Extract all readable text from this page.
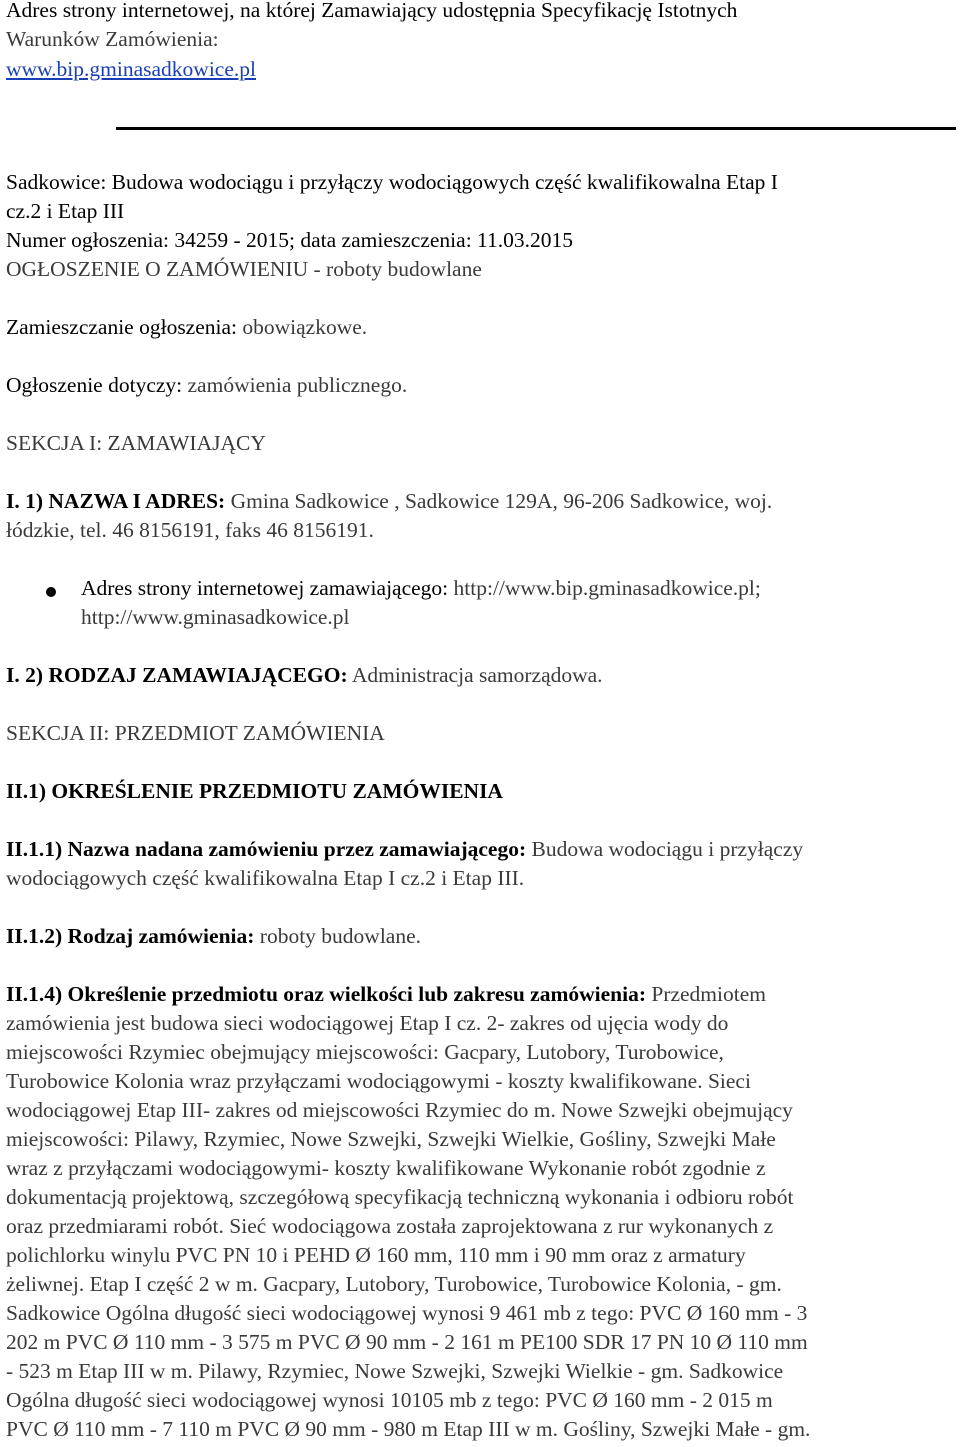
Adres strony internetowej, na której Zamawiający udostępnia Specyfikację Istotnych
Warunków Zamówienia:
www.bip.gminasadkowice.pl
Sadkowice: Budowa wodociągu i przyłączy wodociągowych część kwalifikowalna Etap I
cz.2 i Etap III
Numer ogłoszenia: 34259 - 2015; data zamieszczenia: 11.03.2015
OGŁOSZENIE O ZAMÓWIENIU - roboty budowlane
Zamieszczanie ogłoszenia: obowiązkowe.
Ogłoszenie dotyczy: zamówienia publicznego.
SEKCJA I: ZAMAWIAJĄCY
I. 1) NAZWA I ADRES: Gmina Sadkowice , Sadkowice 129A, 96-206 Sadkowice, woj.
łódzkie, tel. 46 8156191, faks 46 8156191.
Adres strony internetowej zamawiającego: http://www.bip.gminasadkowice.pl;
http://www.gminasadkowice.pl
I. 2) RODZAJ ZAMAWIAJĄCEGO: Administracja samorządowa.
SEKCJA II: PRZEDMIOT ZAMÓWIENIA
II.1) OKREŚLENIE PRZEDMIOTU ZAMÓWIENIA
II.1.1) Nazwa nadana zamówieniu przez zamawiającego: Budowa wodociągu i przyłączy
wodociągowych część kwalifikowalna Etap I cz.2 i Etap III.
II.1.2) Rodzaj zamówienia: roboty budowlane.
II.1.4) Określenie przedmiotu oraz wielkości lub zakresu zamówienia: Przedmiotem
zamówienia jest budowa sieci wodociągowej Etap I cz. 2- zakres od ujęcia wody do
miejscowości Rzymiec obejmujący miejscowości: Gacpary, Lutobory, Turobowice,
Turobowice Kolonia wraz przyłączami wodociągowymi - koszty kwalifikowane. Sieci
wodociągowej Etap III- zakres od miejscowości Rzymiec do m. Nowe Szwejki obejmujący
miejscowości: Pilawy, Rzymiec, Nowe Szwejki, Szwejki Wielkie, Gośliny, Szwejki Małe
wraz z przyłączami wodociągowymi- koszty kwalifikowane Wykonanie robót zgodnie z
dokumentacją projektową, szczegółową specyfikacją techniczną wykonania i odbioru robót
oraz przedmiarami robót. Sieć wodociągowa została zaprojektowana z rur wykonanych z
polichlorku winylu PVC PN 10 i PEHD Ø 160 mm, 110 mm i 90 mm oraz z armatury
żeliwnej. Etap I część 2 w m. Gacpary, Lutobory, Turobowice, Turobowice Kolonia, - gm.
Sadkowice Ogólna długość sieci wodociągowej wynosi 9 461 mb z tego: PVC Ø 160 mm - 3
202 m PVC Ø 110 mm - 3 575 m PVC Ø 90 mm - 2 161 m PE100 SDR 17 PN 10 Ø 110 mm
- 523 m Etap III w m. Pilawy, Rzymiec, Nowe Szwejki, Szwejki Wielkie - gm. Sadkowice
Ogólna długość sieci wodociągowej wynosi 10105 mb z tego: PVC Ø 160 mm - 2 015 m
PVC Ø 110 mm - 7 110 m PVC Ø 90 mm - 980 m Etap III w m. Gośliny, Szwejki Małe - gm.
